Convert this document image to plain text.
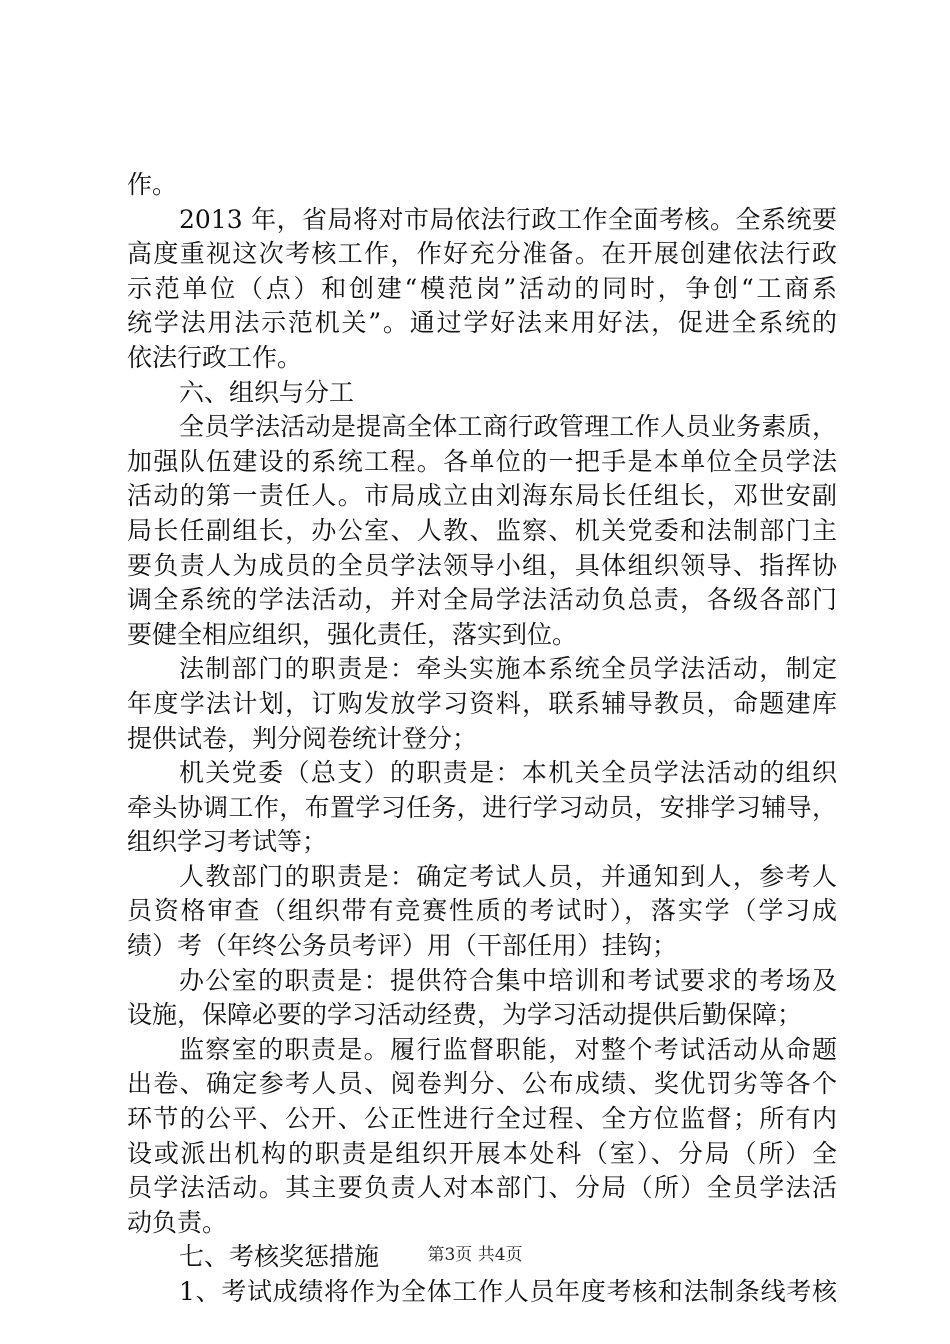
作。
2013 年，省局将对市局依法行政工作全面考核。全系统要
高度重视这次考核工作，作好充分准备。在开展创建依法行政
示范单位（点）和创建“模范岗”活动的同时，争创“工商系
统学法用法示范机关”。通过学好法来用好法，促进全系统的
依法行政工作。
六、组织与分工
全员学法活动是提高全体工商行政管理工作人员业务素质，
加强队伍建设的系统工程。各单位的一把手是本单位全员学法
活动的第一责任人。市局成立由刘海东局长任组长，邓世安副
局长任副组长，办公室、人教、监察、机关党委和法制部门主
要负责人为成员的全员学法领导小组，具体组织领导、指挥协
调全系统的学法活动，并对全局学法活动负总责，各级各部门
要健全相应组织，强化责任，落实到位。
法制部门的职责是：牵头实施本系统全员学法活动，制定
年度学法计划，订购发放学习资料，联系辅导教员，命题建库
提供试卷，判分阅卷统计登分；
机关党委（总支）的职责是：本机关全员学法活动的组织
牵头协调工作，布置学习任务，进行学习动员，安排学习辅导，
组织学习考试等；
人教部门的职责是：确定考试人员，并通知到人，参考人
员资格审查（组织带有竞赛性质的考试时），落实学（学习成
绩）考（年终公务员考评）用（干部任用）挂钩；
办公室的职责是：提供符合集中培训和考试要求的考场及
设施，保障必要的学习活动经费，为学习活动提供后勤保障；
监察室的职责是。履行监督职能，对整个考试活动从命题
出卷、确定参考人员、阅卷判分、公布成绩、奖优罚劣等各个
环节的公平、公开、公正性进行全过程、全方位监督；所有内
设或派出机构的职责是组织开展本处科（室）、分局（所）全
员学法活动。其主要负责人对本部门、分局（所）全员学法活
动负责。
七、考核奖惩措施
1、考试成绩将作为全体工作人员年度考核和法制条线考核
第3页 共4页
